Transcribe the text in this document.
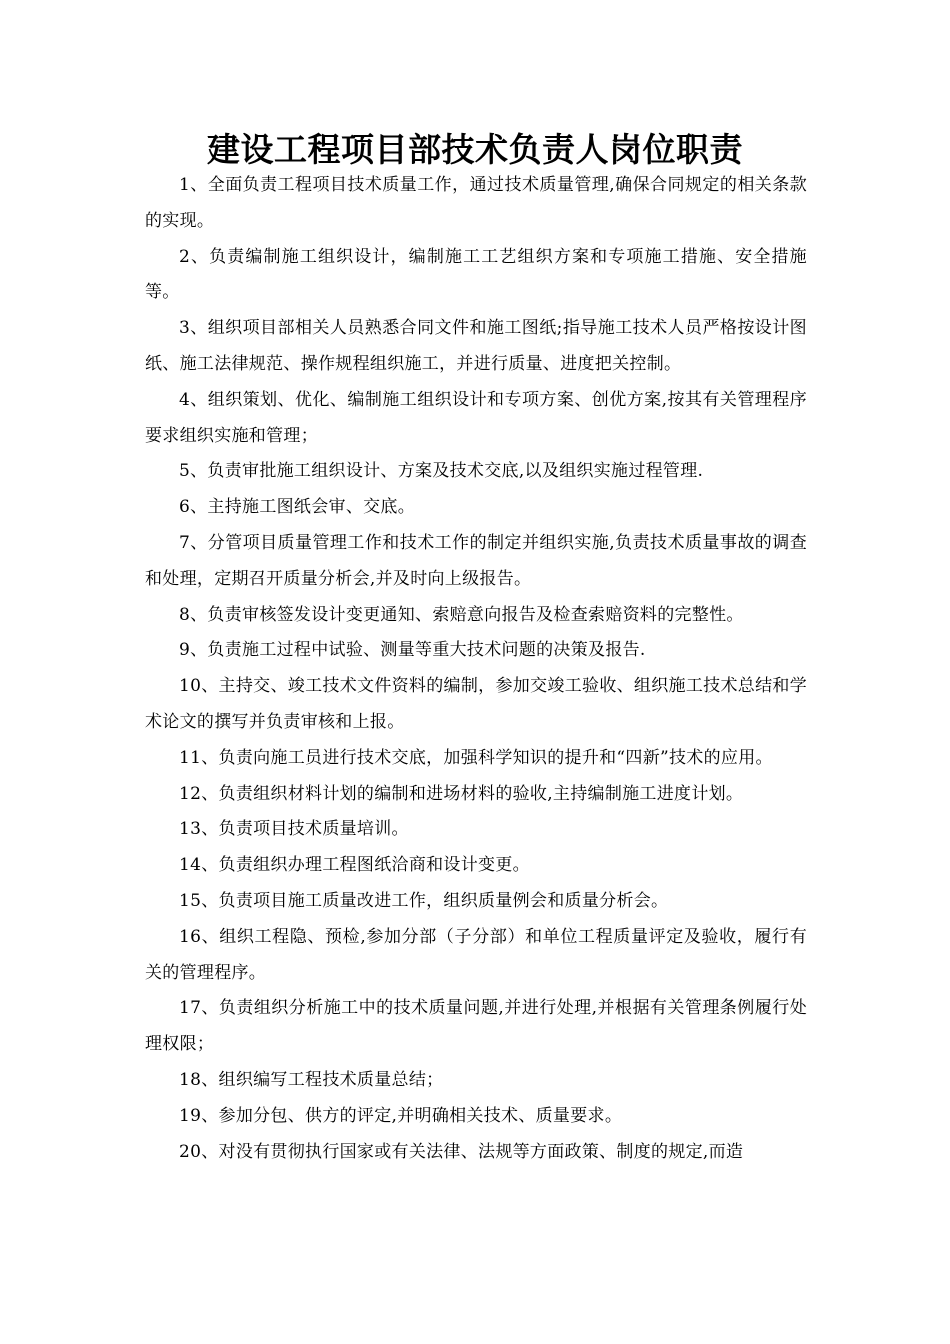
建设工程项目部技术负责人岗位职责

1、全面负责工程项目技术质量工作，通过技术质量管理,确保合同规定的相关条款的实现。

2、负责编制施工组织设计，编制施工工艺组织方案和专项施工措施、安全措施等。

3、组织项目部相关人员熟悉合同文件和施工图纸;指导施工技术人员严格按设计图纸、施工法律规范、操作规程组织施工，并进行质量、进度把关控制。

4、组织策划、优化、编制施工组织设计和专项方案、创优方案,按其有关管理程序要求组织实施和管理；

5、负责审批施工组织设计、方案及技术交底,以及组织实施过程管理.

6、主持施工图纸会审、交底。

7、分管项目质量管理工作和技术工作的制定并组织实施,负责技术质量事故的调查和处理，定期召开质量分析会,并及时向上级报告。

8、负责审核签发设计变更通知、索赔意向报告及检查索赔资料的完整性。

9、负责施工过程中试验、测量等重大技术问题的决策及报告.

10、主持交、竣工技术文件资料的编制，参加交竣工验收、组织施工技术总结和学术论文的撰写并负责审核和上报。

11、负责向施工员进行技术交底，加强科学知识的提升和“四新”技术的应用。

12、负责组织材料计划的编制和进场材料的验收,主持编制施工进度计划。

13、负责项目技术质量培训。

14、负责组织办理工程图纸洽商和设计变更。

15、负责项目施工质量改进工作，组织质量例会和质量分析会。

16、组织工程隐、预检,参加分部（子分部）和单位工程质量评定及验收，履行有关的管理程序。

17、负责组织分析施工中的技术质量问题,并进行处理,并根据有关管理条例履行处理权限；

18、组织编写工程技术质量总结；

19、参加分包、供方的评定,并明确相关技术、质量要求。

20、对没有贯彻执行国家或有关法律、法规等方面政策、制度的规定,而造
